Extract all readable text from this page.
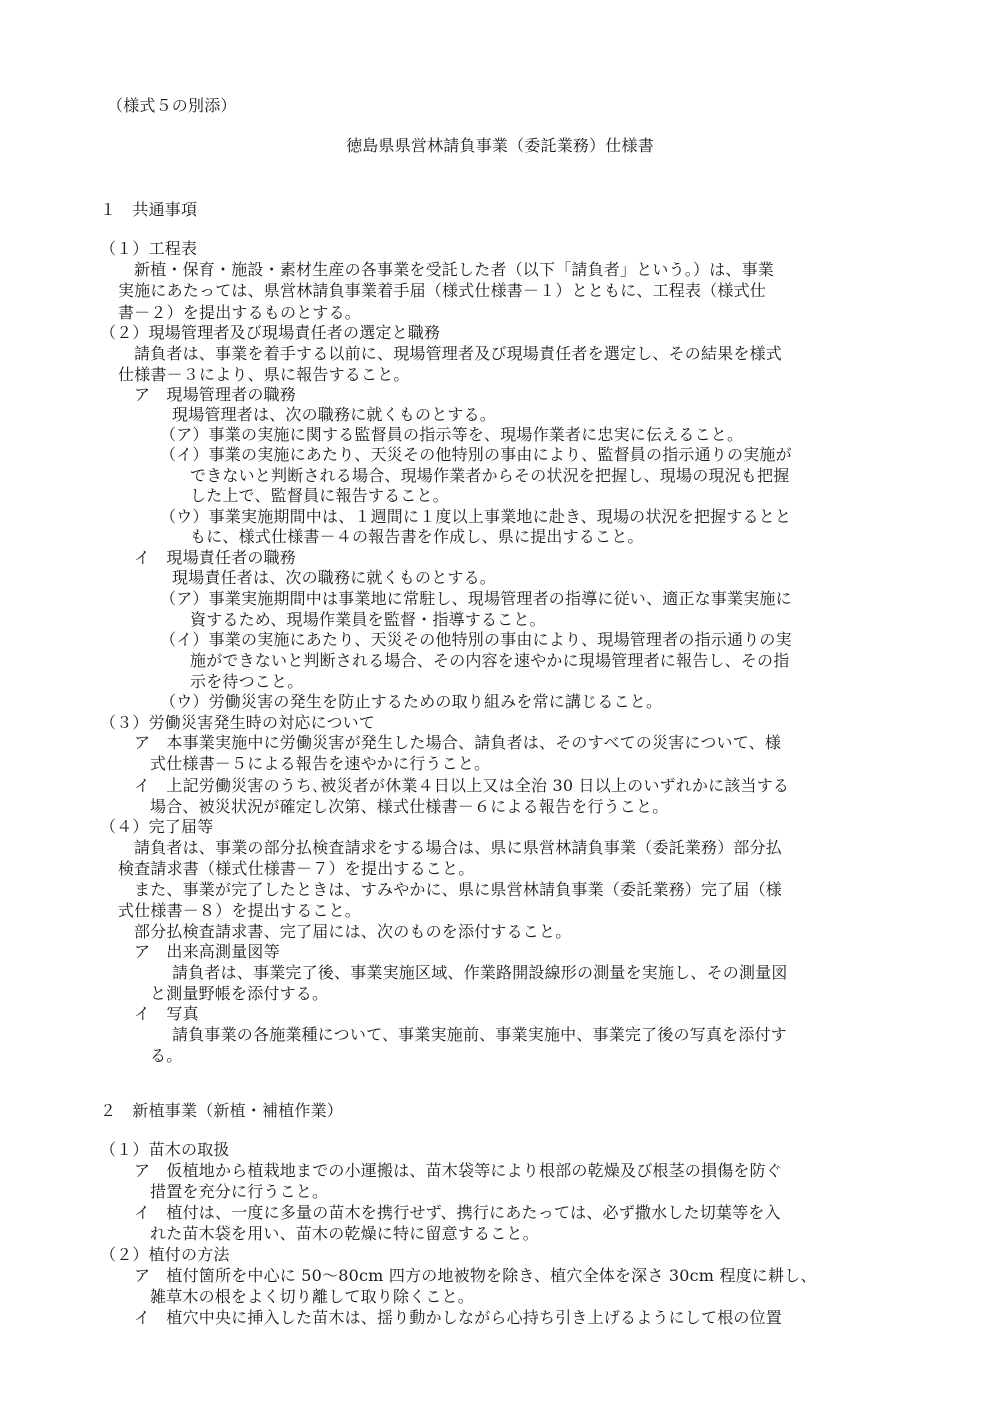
（様式５の別添）
徳島県県営林請負事業（委託業務）仕様書
１　共通事項
（１）工程表
新植・保育・施設・素材生産の各事業を受託した者（以下「請負者」という。）は、事業
実施にあたっては、県営林請負事業着手届（様式仕様書－１）とともに、工程表（様式仕
書－２）を提出するものとする。
（２）現場管理者及び現場責任者の選定と職務
請負者は、事業を着手する以前に、現場管理者及び現場責任者を選定し、その結果を様式
仕様書－３により、県に報告すること。
ア　現場管理者の職務
現場管理者は、次の職務に就くものとする。
（ア）事業の実施に関する監督員の指示等を、現場作業者に忠実に伝えること。
（イ）事業の実施にあたり、天災その他特別の事由により、監督員の指示通りの実施が
できないと判断される場合、現場作業者からその状況を把握し、現場の現況も把握
した上で、監督員に報告すること。
（ウ）事業実施期間中は、１週間に１度以上事業地に赴き、現場の状況を把握するとと
もに、様式仕様書－４の報告書を作成し、県に提出すること。
イ　現場責任者の職務
現場責任者は、次の職務に就くものとする。
（ア）事業実施期間中は事業地に常駐し、現場管理者の指導に従い、適正な事業実施に
資するため、現場作業員を監督・指導すること。
（イ）事業の実施にあたり、天災その他特別の事由により、現場管理者の指示通りの実
施ができないと判断される場合、その内容を速やかに現場管理者に報告し、その指
示を待つこと。
（ウ）労働災害の発生を防止するための取り組みを常に講じること。
（３）労働災害発生時の対応について
ア　本事業実施中に労働災害が発生した場合、請負者は、そのすべての災害について、様
式仕様書－５による報告を速やかに行うこと。
イ　上記労働災害のうち､被災者が休業４日以上又は全治 30 日以上のいずれかに該当する
場合、被災状況が確定し次第、様式仕様書－６による報告を行うこと。
（４）完了届等
請負者は、事業の部分払検査請求をする場合は、県に県営林請負事業（委託業務）部分払
検査請求書（様式仕様書－７）を提出すること。
また、事業が完了したときは、すみやかに、県に県営林請負事業（委託業務）完了届（様
式仕様書－８）を提出すること。
部分払検査請求書、完了届には、次のものを添付すること。
ア　出来高測量図等
請負者は、事業完了後、事業実施区域、作業路開設線形の測量を実施し、その測量図
と測量野帳を添付する。
イ　写真
請負事業の各施業種について、事業実施前、事業実施中、事業完了後の写真を添付す
る。
２　新植事業（新植・補植作業）
（１）苗木の取扱
ア　仮植地から植栽地までの小運搬は、苗木袋等により根部の乾燥及び根茎の損傷を防ぐ
措置を充分に行うこと。
イ　植付は、一度に多量の苗木を携行せず、携行にあたっては、必ず撒水した切葉等を入
れた苗木袋を用い、苗木の乾燥に特に留意すること。
（２）植付の方法
ア　植付箇所を中心に 50～80cm 四方の地被物を除き、植穴全体を深さ 30cm 程度に耕し、
雑草木の根をよく切り離して取り除くこと。
イ　植穴中央に挿入した苗木は、揺り動かしながら心持ち引き上げるようにして根の位置
